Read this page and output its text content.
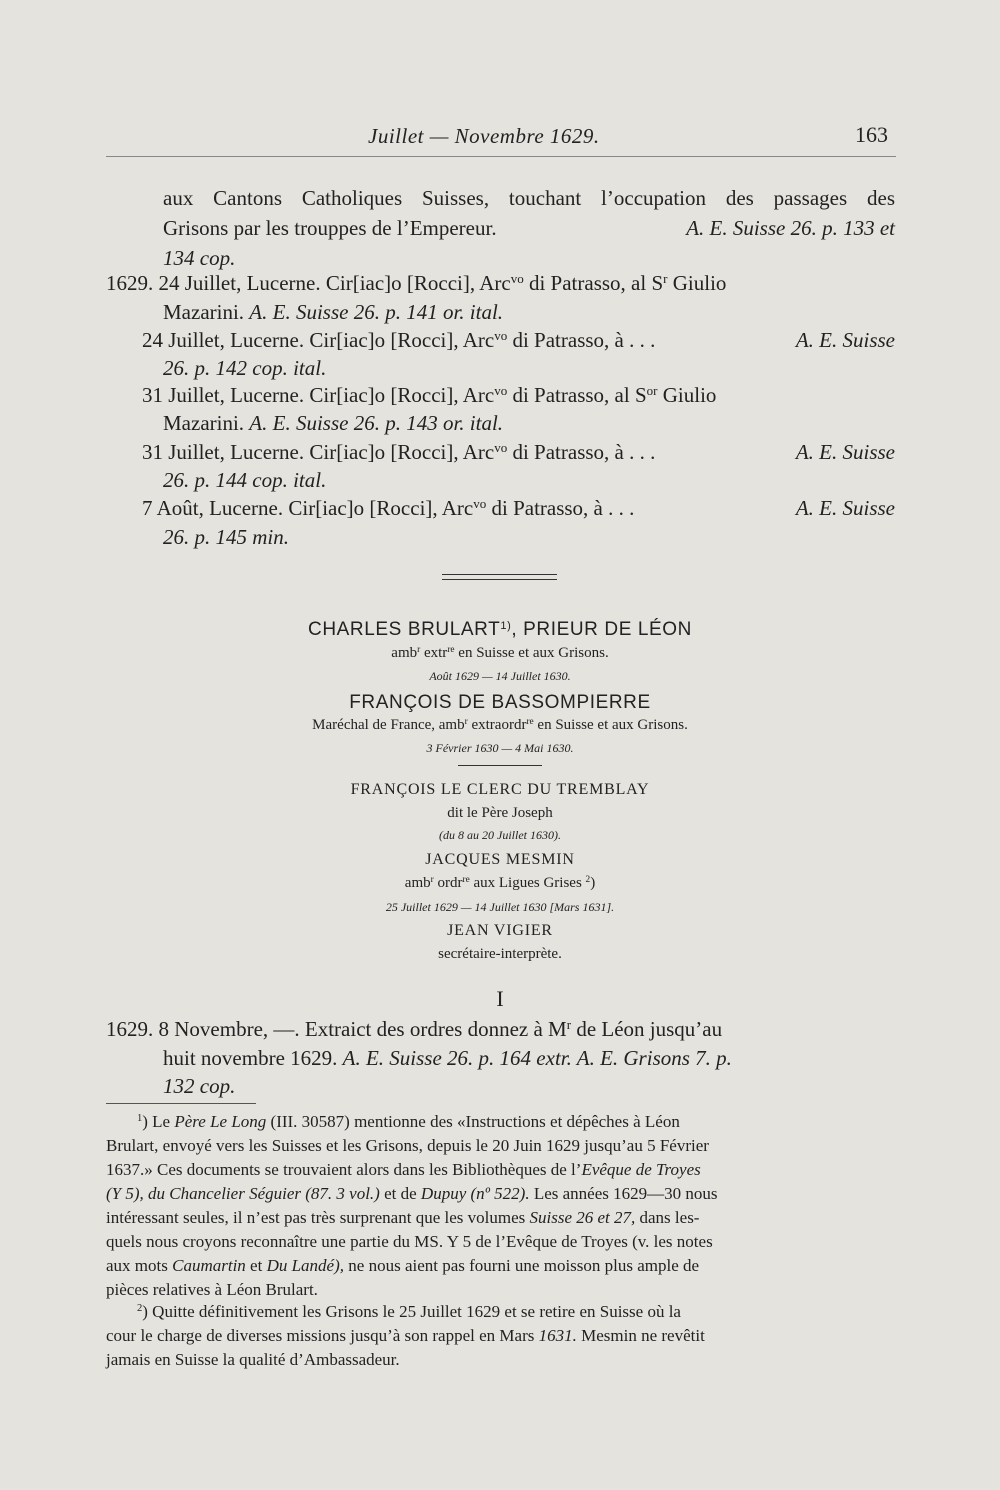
Juillet — Novembre 1629.	163
aux Cantons Catholiques Suisses, touchant l’occupation des passages des
Grisons par les trouppes de l’Empereur.	A. E. Suisse 26. p. 133 et
134 cop.
1629. 24 Juillet, Lucerne. Cir[iac]o [Rocci], Arc$^{vo}$ di Patrasso, al $S^r$ Giulio
Mazarini. A. E. Suisse 26. p. 141 or. ital.
24 Juillet, Lucerne. Cir[iac]o [Rocci], Arc$^{vo}$ di Patrasso, à . . .	A. E. Suisse
26. p. 142 cop. ital.
31 Juillet, Lucerne. Cir[iac]o [Rocci], Arc$^{vo}$ di Patrasso, al $S^{or}$ Giulio
Mazarini. A. E. Suisse 26. p. 143 or. ital.
31 Juillet, Lucerne. Cir[iac]o [Rocci], Arc$^{vo}$ di Patrasso, à . . .	A. E. Suisse
26. p. 144 cop. ital.
7 Août, Lucerne. Cir[iac]o [Rocci], Arc$^{vo}$ di Patrasso, à . . .	A. E. Suisse
26. p. 145 min.
CHARLES BRULART$^{1)}$, PRIEUR DE LÉON
amb$^r$ extr$^{re}$ en Suisse et aux Grisons.
Août 1629 — 14 Juillet 1630.
FRANÇOIS DE BASSOMPIERRE
Maréchal de France, amb$^r$ extraordr$^{re}$ en Suisse et aux Grisons.
3 Février 1630 — 4 Mai 1630.
FRANÇOIS LE CLERC DU TREMBLAY
dit le Père Joseph
(du 8 au 20 Juillet 1630).
JACQUES MESMIN
amb$^r$ ordr$^{re}$ aux Ligues Grises $^2$)
25 Juillet 1629 — 14 Juillet 1630 [Mars 1631].
JEAN VIGIER
secrétaire-interprète.
I
1629. 8 Novembre, —. Extraict des ordres donnez à $M^r$ de Léon jusqu’au
huit novembre 1629. A. E. Suisse 26. p. 164 extr. A. E. Grisons 7. p.
132 cop.
$^1$) Le Père Le Long (III. 30587) mentionne des «Instructions et dépêches à Léon
Brulart, envoyé vers les Suisses et les Grisons, depuis le 20 Juin 1629 jusqu’au 5 Février
1637.» Ces documents se trouvaient alors dans les Bibliothèques de l’Evêque de Troyes
(Y 5), du Chancelier Séguier (87. 3 vol.) et de Dupuy (nº 522). Les années 1629—30 nous
intéressant seules, il n’est pas très surprenant que les volumes Suisse 26 et 27, dans les-
quels nous croyons reconnaître une partie du MS. Y 5 de l’Evêque de Troyes (v. les notes
aux mots Caumartin et Du Landé), ne nous aient pas fourni une moisson plus ample de
pièces relatives à Léon Brulart.
$^2$) Quitte définitivement les Grisons le 25 Juillet 1629 et se retire en Suisse où la
cour le charge de diverses missions jusqu’à son rappel en Mars 1631. Mesmin ne revêtit
jamais en Suisse la qualité d’Ambassadeur.
